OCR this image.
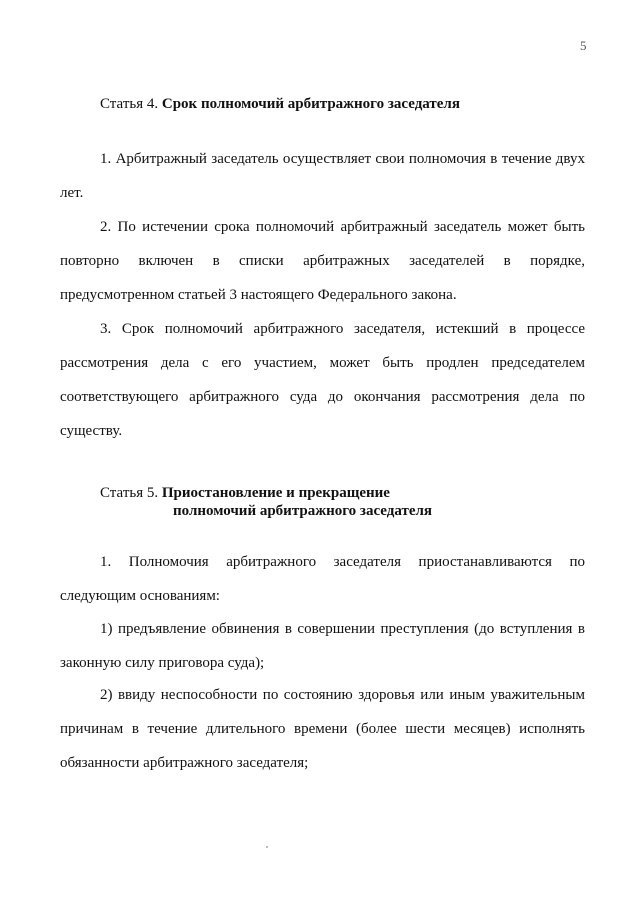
5
Статья 4. Срок полномочий арбитражного заседателя
1. Арбитражный заседатель осуществляет свои полномочия в течение двух лет.
2. По истечении срока полномочий арбитражный заседатель может быть повторно включен в списки арбитражных заседателей в порядке, предусмотренном статьей 3 настоящего Федерального закона.
3. Срок полномочий арбитражного заседателя, истекший в процессе рассмотрения дела с его участием, может быть продлен председателем соответствующего арбитражного суда до окончания рассмотрения дела по существу.
Статья 5. Приостановление и прекращение
полномочий арбитражного заседателя
1. Полномочия арбитражного заседателя приостанавливаются по следующим основаниям:
1) предъявление обвинения в совершении преступления (до вступления в законную силу приговора суда);
2) ввиду неспособности по состоянию здоровья или иным уважительным причинам в течение длительного времени (более шести месяцев) исполнять обязанности арбитражного заседателя;
